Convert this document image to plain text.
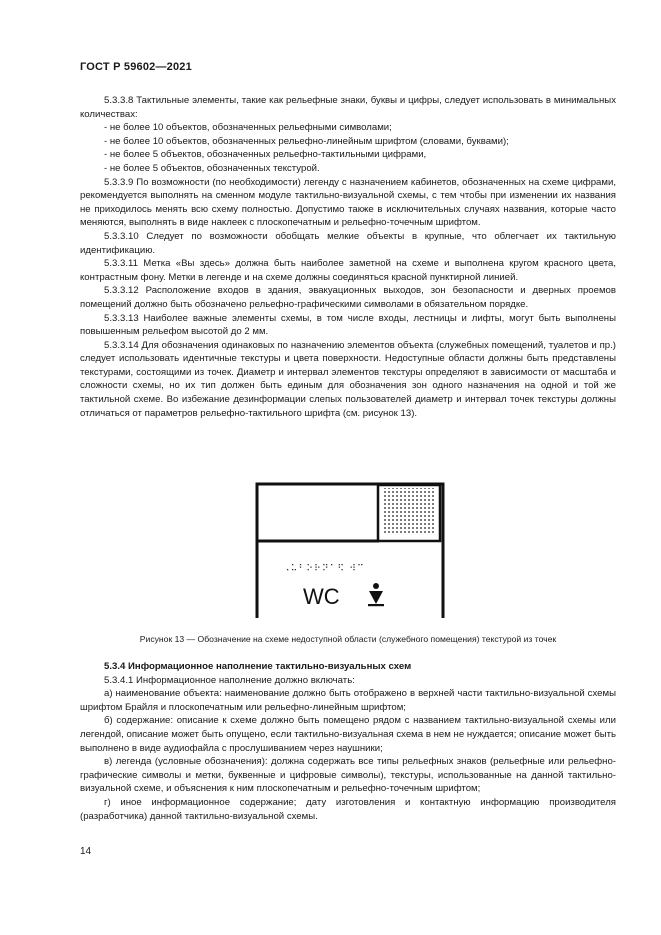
ГОСТ Р 59602—2021

5.3.3.8 Тактильные элементы, такие как рельефные знаки, буквы и цифры, следует использовать в минимальных количествах:

- не более 10 объектов, обозначенных рельефными символами;

- не более 10 объектов, обозначенных рельефно-линейным шрифтом (словами, буквами);

- не более 5 объектов, обозначенных рельефно-тактильными цифрами,

- не более 5 объектов, обозначенных текстурой.

5.3.3.9 По возможности (по необходимости) легенду с назначением кабинетов, обозначенных на схеме цифрами, рекомендуется выполнять на сменном модуле тактильно-визуальной схемы, с тем чтобы при изменении их названия не приходилось менять всю схему полностью. Допустимо также в исключительных случаях названия, которые часто меняются, выполнять в виде наклеек с плоскопечатным и рельефно-точечным шрифтом.

5.3.3.10 Следует по возможности обобщать мелкие объекты в крупные, что облегчает их тактильную идентификацию.

5.3.3.11 Метка «Вы здесь» должна быть наиболее заметной на схеме и выполнена кругом красного цвета, контрастным фону. Метки в легенде и на схеме должны соединяться красной пунктирной линией.

5.3.3.12 Расположение входов в здания, эвакуационных выходов, зон безопасности и дверных проемов помещений должно быть обозначено рельефно-графическими символами в обязательном порядке.

5.3.3.13 Наиболее важные элементы схемы, в том числе входы, лестницы и лифты, могут быть выполнены повышенным рельефом высотой до 2 мм.

5.3.3.14 Для обозначения одинаковых по назначению элементов объекта (служебных помещений, туалетов и пр.) следует использовать идентичные текстуры и цвета поверхности. Недоступные области должны быть представлены текстурами, состоящими из точек. Диаметр и интервал элементов текстуры определяют в зависимости от масштаба и сложности схемы, но их тип должен быть единым для обозначения зон одного назначения на одной и той же тактильной схеме. Во избежание дезинформации слепых пользователей диаметр и интервал точек текстуры должны отличаться от параметров рельефно-тактильного шрифта (см. рисунок 13).

⠠⠥⠃⠕⠗⠝⠁⠫ ⠺⠉
WC
Рисунок 13 — Обозначение на схеме недоступной области (служебного помещения) текстурой из точек

5.3.4 Информационное наполнение тактильно-визуальных схем

5.3.4.1 Информационное наполнение должно включать:

а) наименование объекта: наименование должно быть отображено в верхней части тактильно-визуальной схемы шрифтом Брайля и плоскопечатным или рельефно-линейным шрифтом;

б) содержание: описание к схеме должно быть помещено рядом с названием тактильно-визуальной схемы или легендой, описание может быть опущено, если тактильно-визуальная схема в нем не нуждается; описание может быть выполнено в виде аудиофайла с прослушиванием через наушники;

в) легенда (условные обозначения): должна содержать все типы рельефных знаков (рельефные или рельефно-графические символы и метки, буквенные и цифровые символы), текстуры, использованные на данной тактильно-визуальной схеме, и объяснения к ним плоскопечатным и рельефно-точечным шрифтом;

г) иное информационное содержание; дату изготовления и контактную информацию производителя (разработчика) данной тактильно-визуальной схемы.

14
